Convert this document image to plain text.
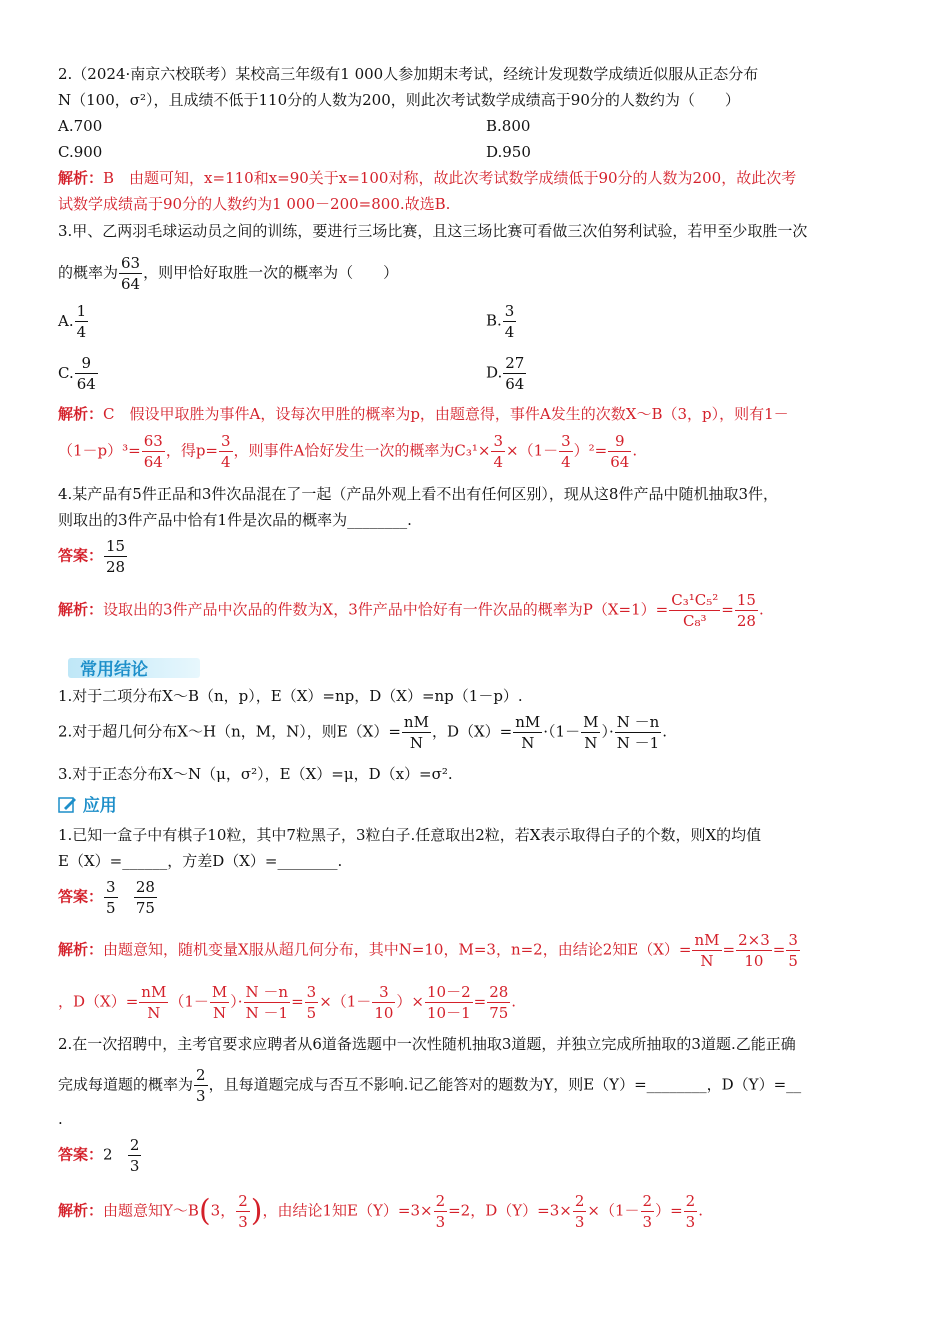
2.（2024·南京六校联考）某校高三年级有1 000人参加期末考试，经统计发现数学成绩近似服从正态分布
N（100，σ²），且成绩不低于110分的人数为200，则此次考试数学成绩高于90分的人数约为（　　）
A.700	B.800
C.900	D.950
解析：B　由题可知，x=110和x=90关于x=100对称，故此次考试数学成绩低于90分的人数为200，故此次考
试数学成绩高于90分的人数约为1 000－200=800.故选B.
3.甲、乙两羽毛球运动员之间的训练，要进行三场比赛，且这三场比赛可看做三次伯努利试验，若甲至少取胜一次
的概率为 $\frac{63}{64}$ ，则甲恰好取胜一次的概率为（　　）
A. $\frac{1}{4}$	B. $\frac{3}{4}$
C. $\frac{9}{64}$	D. $\frac{27}{64}$
解析：C　假设甲取胜为事件A，设每次甲胜的概率为p，由题意得，事件A发生的次数X～B（3，p），则有1－
$(1-p)^3= \frac{63}{64}$ ，得$p= \frac{3}{4}$ ，则事件A恰好发生一次的概率为$C_3^1\times \frac{3}{4} \times(1- \frac{3}{4} )^2= \frac{9}{64}$ .
4.某产品有5件正品和3件次品混在了一起（产品外观上看不出有任何区别），现从这8件产品中随机抽取3件，
则取出的3件产品中恰有1件是次品的概率为________.
答案： $\frac{15}{28}$
解析：设取出的3件产品中次品的件数为X，3件产品中恰好有一件次品的概率为$P(X=1)= \frac{\text{C₃¹C₅²}}{\text{C₈³}} = \frac{15}{28}$ .
常用结论
1.对于二项分布X～B（n，p），E（X）=np，D（X）=np（1－p）.
2.对于超几何分布X～H（n，M，N），则$E(X)= \frac{nM}{N}$ ，$D(X)= \frac{nM}{N} \cdot(1- \frac{M}{N}$ ）· $\frac{N -n}{N -1}$ .
3.对于正态分布X～N（μ，σ²），E（X）=μ，D（x）=σ².
应用
1.已知一盒子中有棋子10粒，其中7粒黑子，3粒白子.任意取出2粒，若X表示取得白子的个数，则X的均值
E（X）=______，方差D（X）=________.
答案： $\frac{3}{5}$
$\frac{28}{75}$
解析：由题意知，随机变量X服从超几何分布，其中N=10，M=3，n=2，由结论2知$E(X)= \frac{nM}{N} = \frac{2\times 3}{10} = \frac{3}{5}$
，$D(X)= \frac{nM}{N} (1- \frac{M}{N}$ ）· $\frac{N -n}{N -1} = \frac{3}{5} \times(1- \frac{3}{10}$ ）× $\frac{10-2}{10-1} = \frac{28}{75}$ .
2.在一次招聘中，主考官要求应聘者从6道备选题中一次性随机抽取3道题，并独立完成所抽取的3道题.乙能正确
完成每道题的概率为 $\frac{2}{3}$ ，且每道题完成与否互不影响.记乙能答对的题数为Y，则E（Y）=________，D（Y）=__
.
答案：$2 \frac{2}{3}$
解析：由题意知Y～B(3， $\frac{2}{3}$ )，由结论1知$E(Y)=3\times \frac{2}{3} =2$，$D(Y)=3\times \frac{2}{3} \times(1- \frac{2}{3}$ ）= $\frac{2}{3}$ .
